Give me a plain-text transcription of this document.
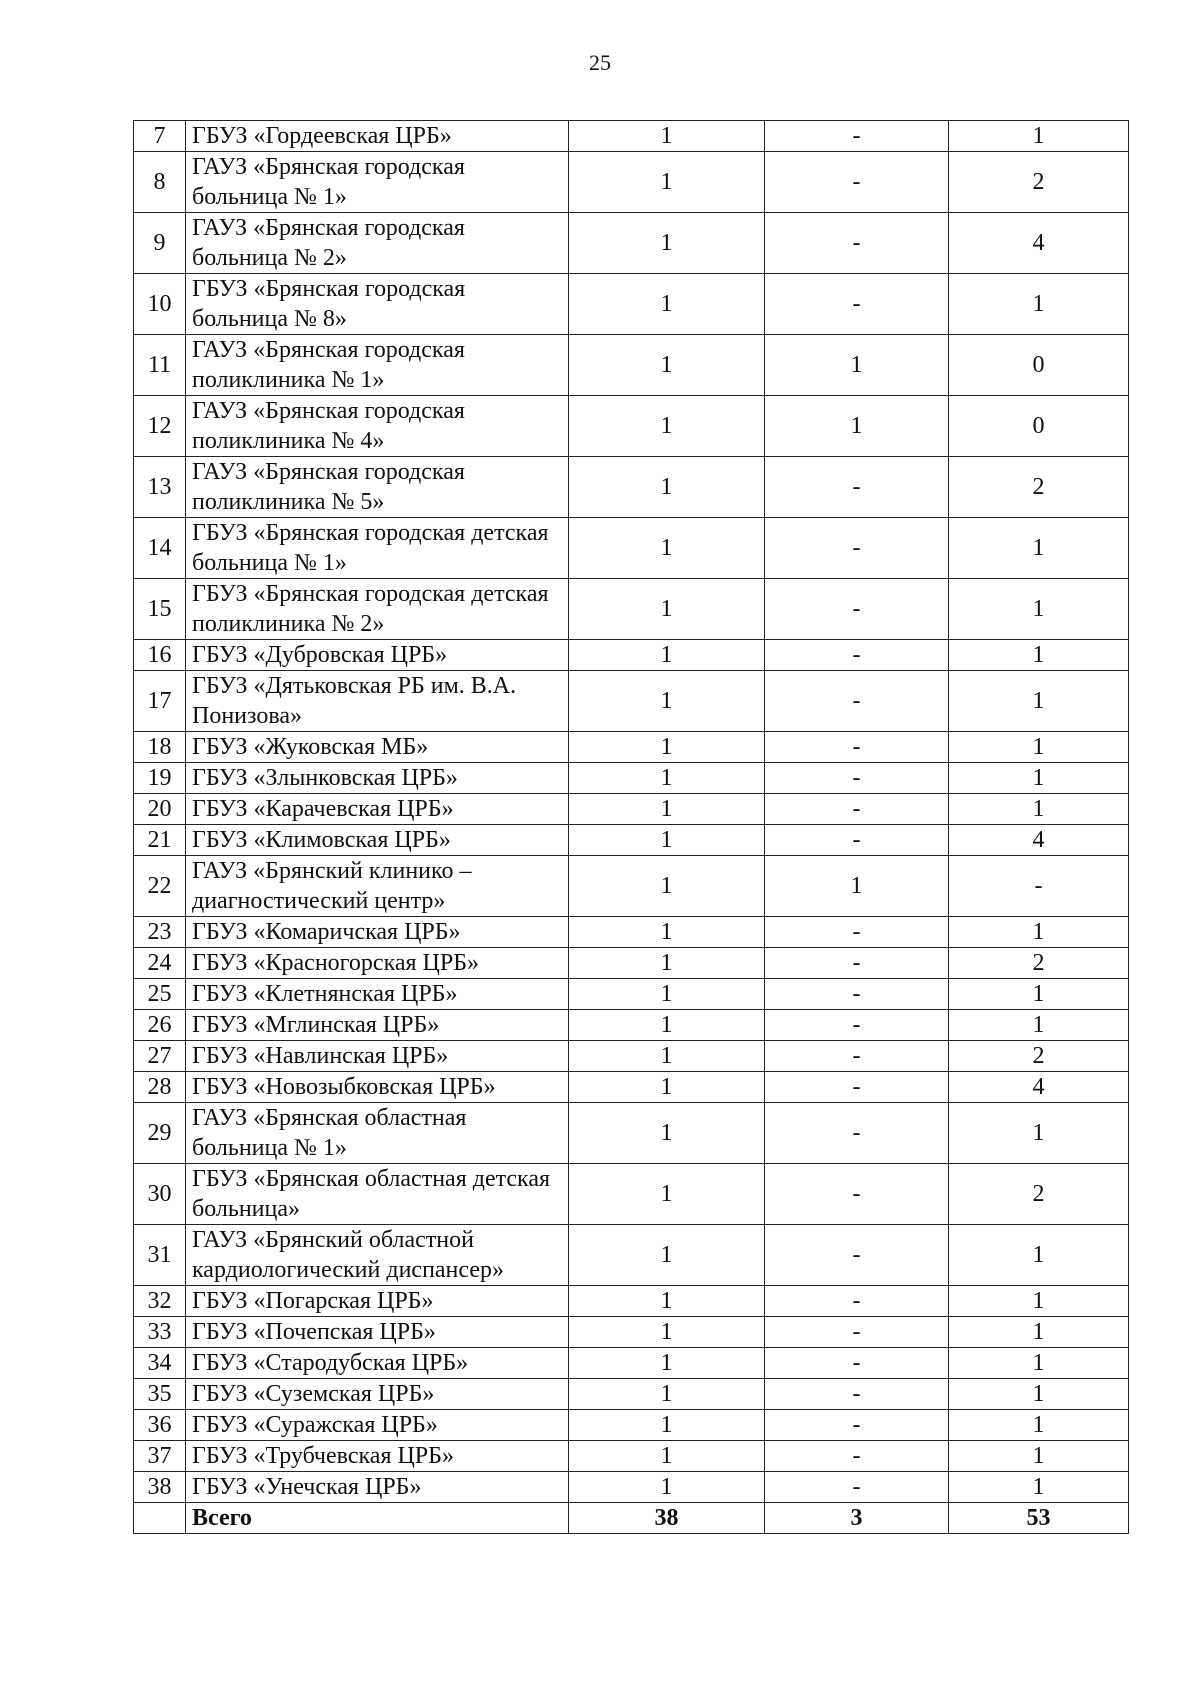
25
7	ГБУЗ «Гордеевская ЦРБ»	1	-	1
8	ГАУЗ «Брянская городская больница № 1»	1	-	2
9	ГАУЗ «Брянская городская больница № 2»	1	-	4
10	ГБУЗ «Брянская городская больница № 8»	1	-	1
11	ГАУЗ «Брянская городская поликлиника № 1»	1	1	0
12	ГАУЗ «Брянская городская поликлиника № 4»	1	1	0
13	ГАУЗ «Брянская городская поликлиника № 5»	1	-	2
14	ГБУЗ «Брянская городская детская больница № 1»	1	-	1
15	ГБУЗ «Брянская городская детская поликлиника № 2»	1	-	1
16	ГБУЗ «Дубровская ЦРБ»	1	-	1
17	ГБУЗ «Дятьковская РБ им. В.А. Понизова»	1	-	1
18	ГБУЗ «Жуковская МБ»	1	-	1
19	ГБУЗ «Злынковская ЦРБ»	1	-	1
20	ГБУЗ «Карачевская ЦРБ»	1	-	1
21	ГБУЗ «Климовская ЦРБ»	1	-	4
22	ГАУЗ «Брянский клинико – диагностический центр»	1	1	-
23	ГБУЗ «Комаричская ЦРБ»	1	-	1
24	ГБУЗ «Красногорская ЦРБ»	1	-	2
25	ГБУЗ «Клетнянская ЦРБ»	1	-	1
26	ГБУЗ «Мглинская ЦРБ»	1	-	1
27	ГБУЗ «Навлинская ЦРБ»	1	-	2
28	ГБУЗ «Новозыбковская ЦРБ»	1	-	4
29	ГАУЗ «Брянская областная больница № 1»	1	-	1
30	ГБУЗ «Брянская областная детская больница»	1	-	2
31	ГАУЗ «Брянский областной кардиологический диспансер»	1	-	1
32	ГБУЗ «Погарская ЦРБ»	1	-	1
33	ГБУЗ «Почепская ЦРБ»	1	-	1
34	ГБУЗ «Стародубская ЦРБ»	1	-	1
35	ГБУЗ «Суземская ЦРБ»	1	-	1
36	ГБУЗ «Суражская ЦРБ»	1	-	1
37	ГБУЗ «Трубчевская ЦРБ»	1	-	1
38	ГБУЗ «Унечская ЦРБ»	1	-	1
	Всего	38	3	53
